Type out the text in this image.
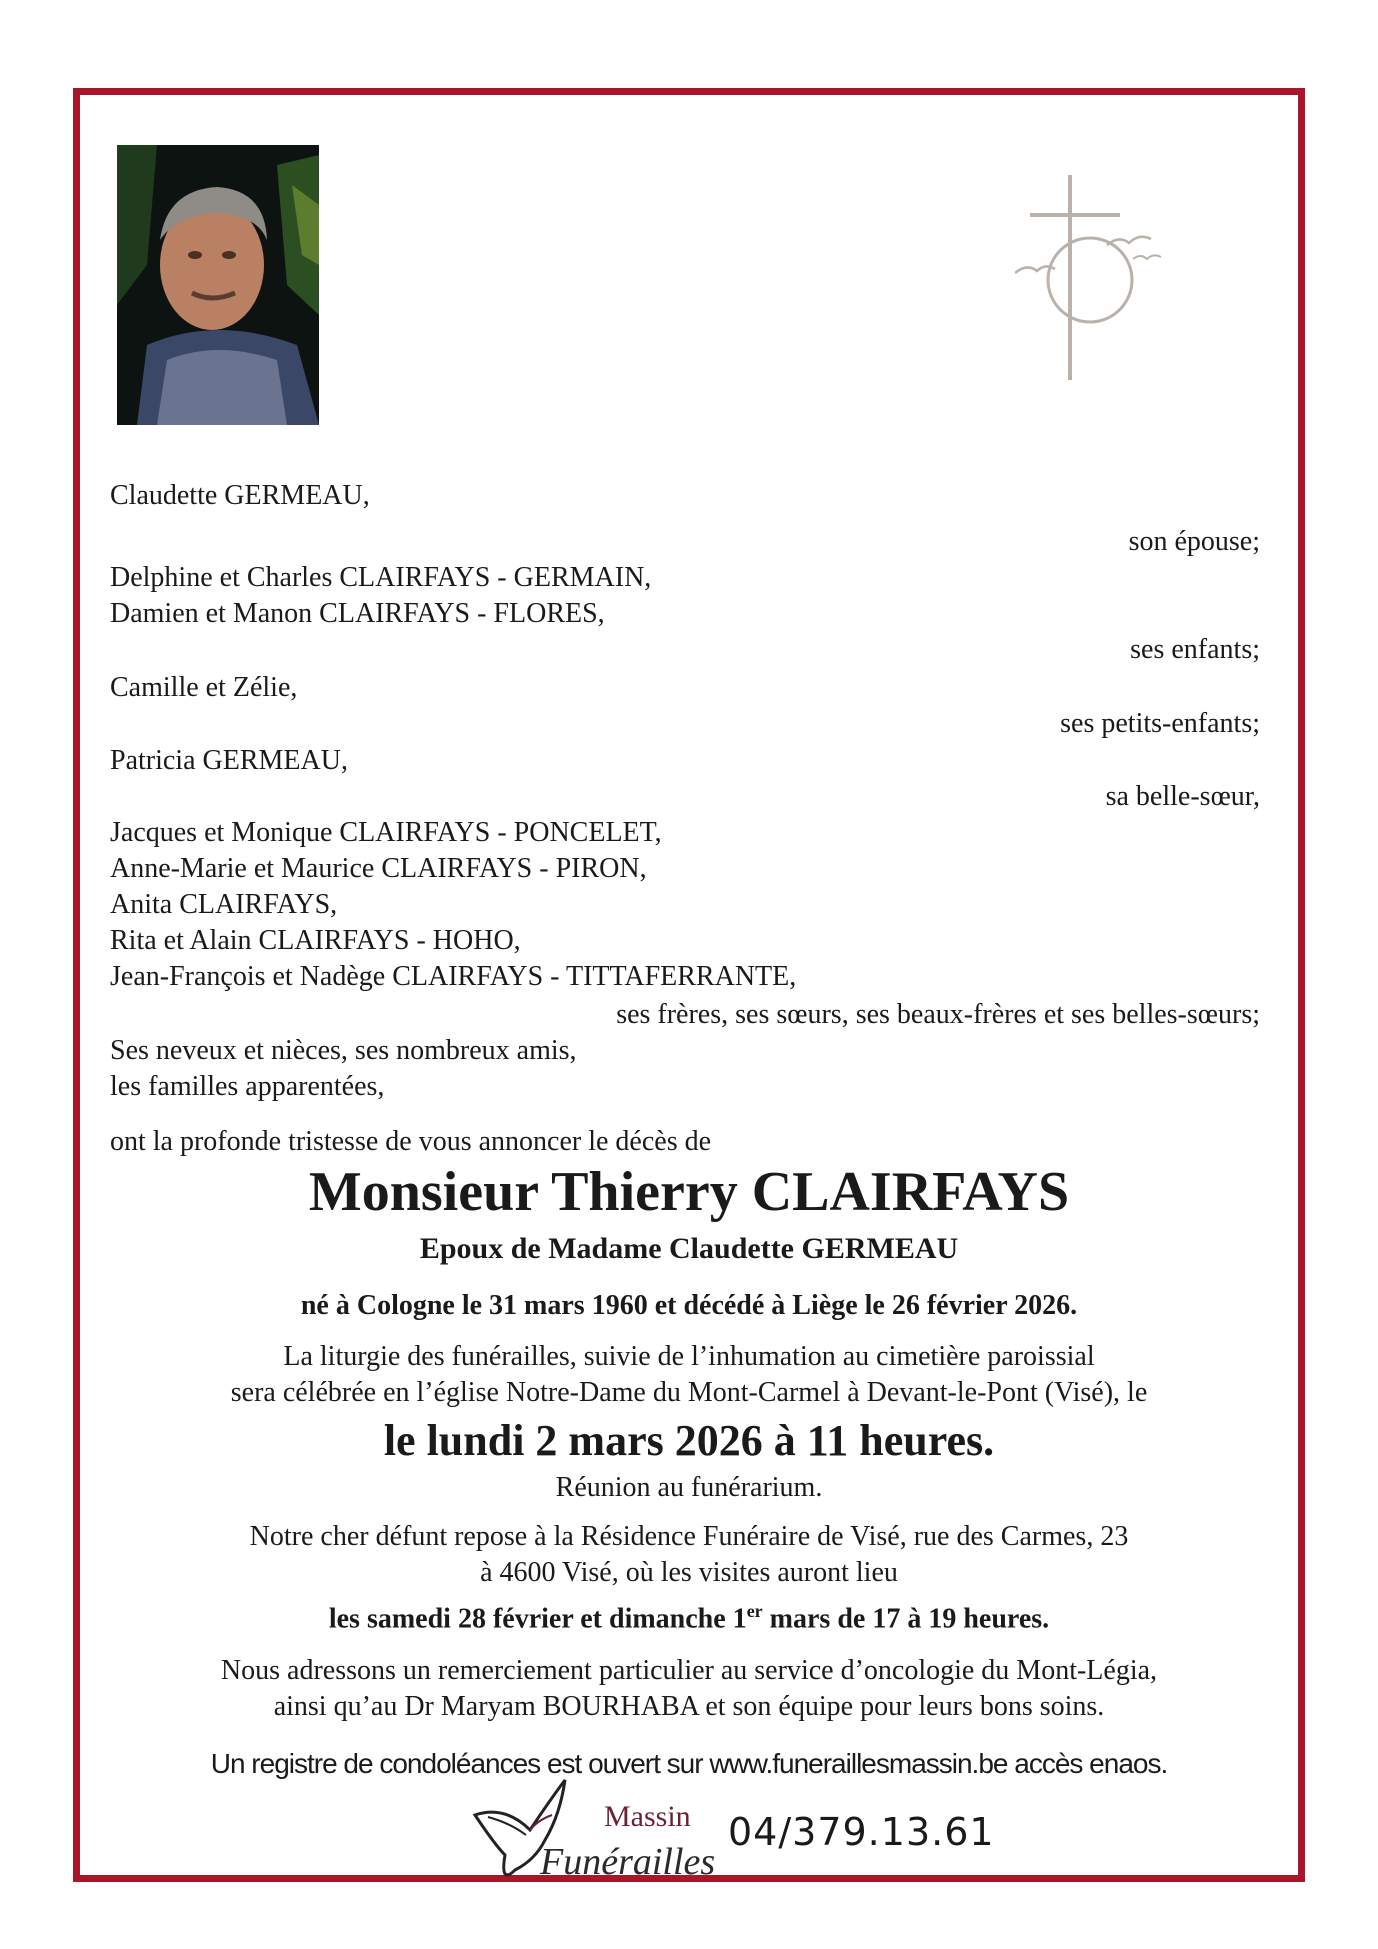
Claudette GERMEAU,
son épouse;
Delphine et Charles CLAIRFAYS - GERMAIN,
Damien et Manon CLAIRFAYS - FLORES,
ses enfants;
Camille et Zélie,
ses petits-enfants;
Patricia GERMEAU,
sa belle-sœur,
Jacques et Monique CLAIRFAYS - PONCELET,
Anne-Marie et Maurice CLAIRFAYS - PIRON,
Anita CLAIRFAYS,
Rita et Alain CLAIRFAYS - HOHO,
Jean-François et Nadège CLAIRFAYS - TITTAFERRANTE,
ses frères, ses sœurs, ses beaux-frères et ses belles-sœurs;
Ses neveux et nièces, ses nombreux amis,
les familles apparentées,
ont la profonde tristesse de vous annoncer le décès de
Monsieur Thierry CLAIRFAYS
Epoux de Madame Claudette GERMEAU
né à Cologne le 31 mars 1960 et décédé à Liège le 26 février 2026.
La liturgie des funérailles, suivie de l’inhumation au cimetière paroissial
sera célébrée en l’église Notre-Dame du Mont-Carmel à Devant-le-Pont (Visé), le
le lundi 2 mars 2026 à 11 heures.
Réunion au funérarium.
Notre cher défunt repose à la Résidence Funéraire de Visé, rue des Carmes, 23
à 4600 Visé, où les visites auront lieu
les samedi 28 février et dimanche 1er mars de 17 à 19 heures.
Nous adressons un remerciement particulier au service d’oncologie du Mont-Légia,
ainsi qu’au Dr Maryam BOURHABA et son équipe pour leurs bons soins.
Un registre de condoléances est ouvert sur www.funeraillesmassin.be accès enaos.
Massin
Funérailles
04/379.13.61
